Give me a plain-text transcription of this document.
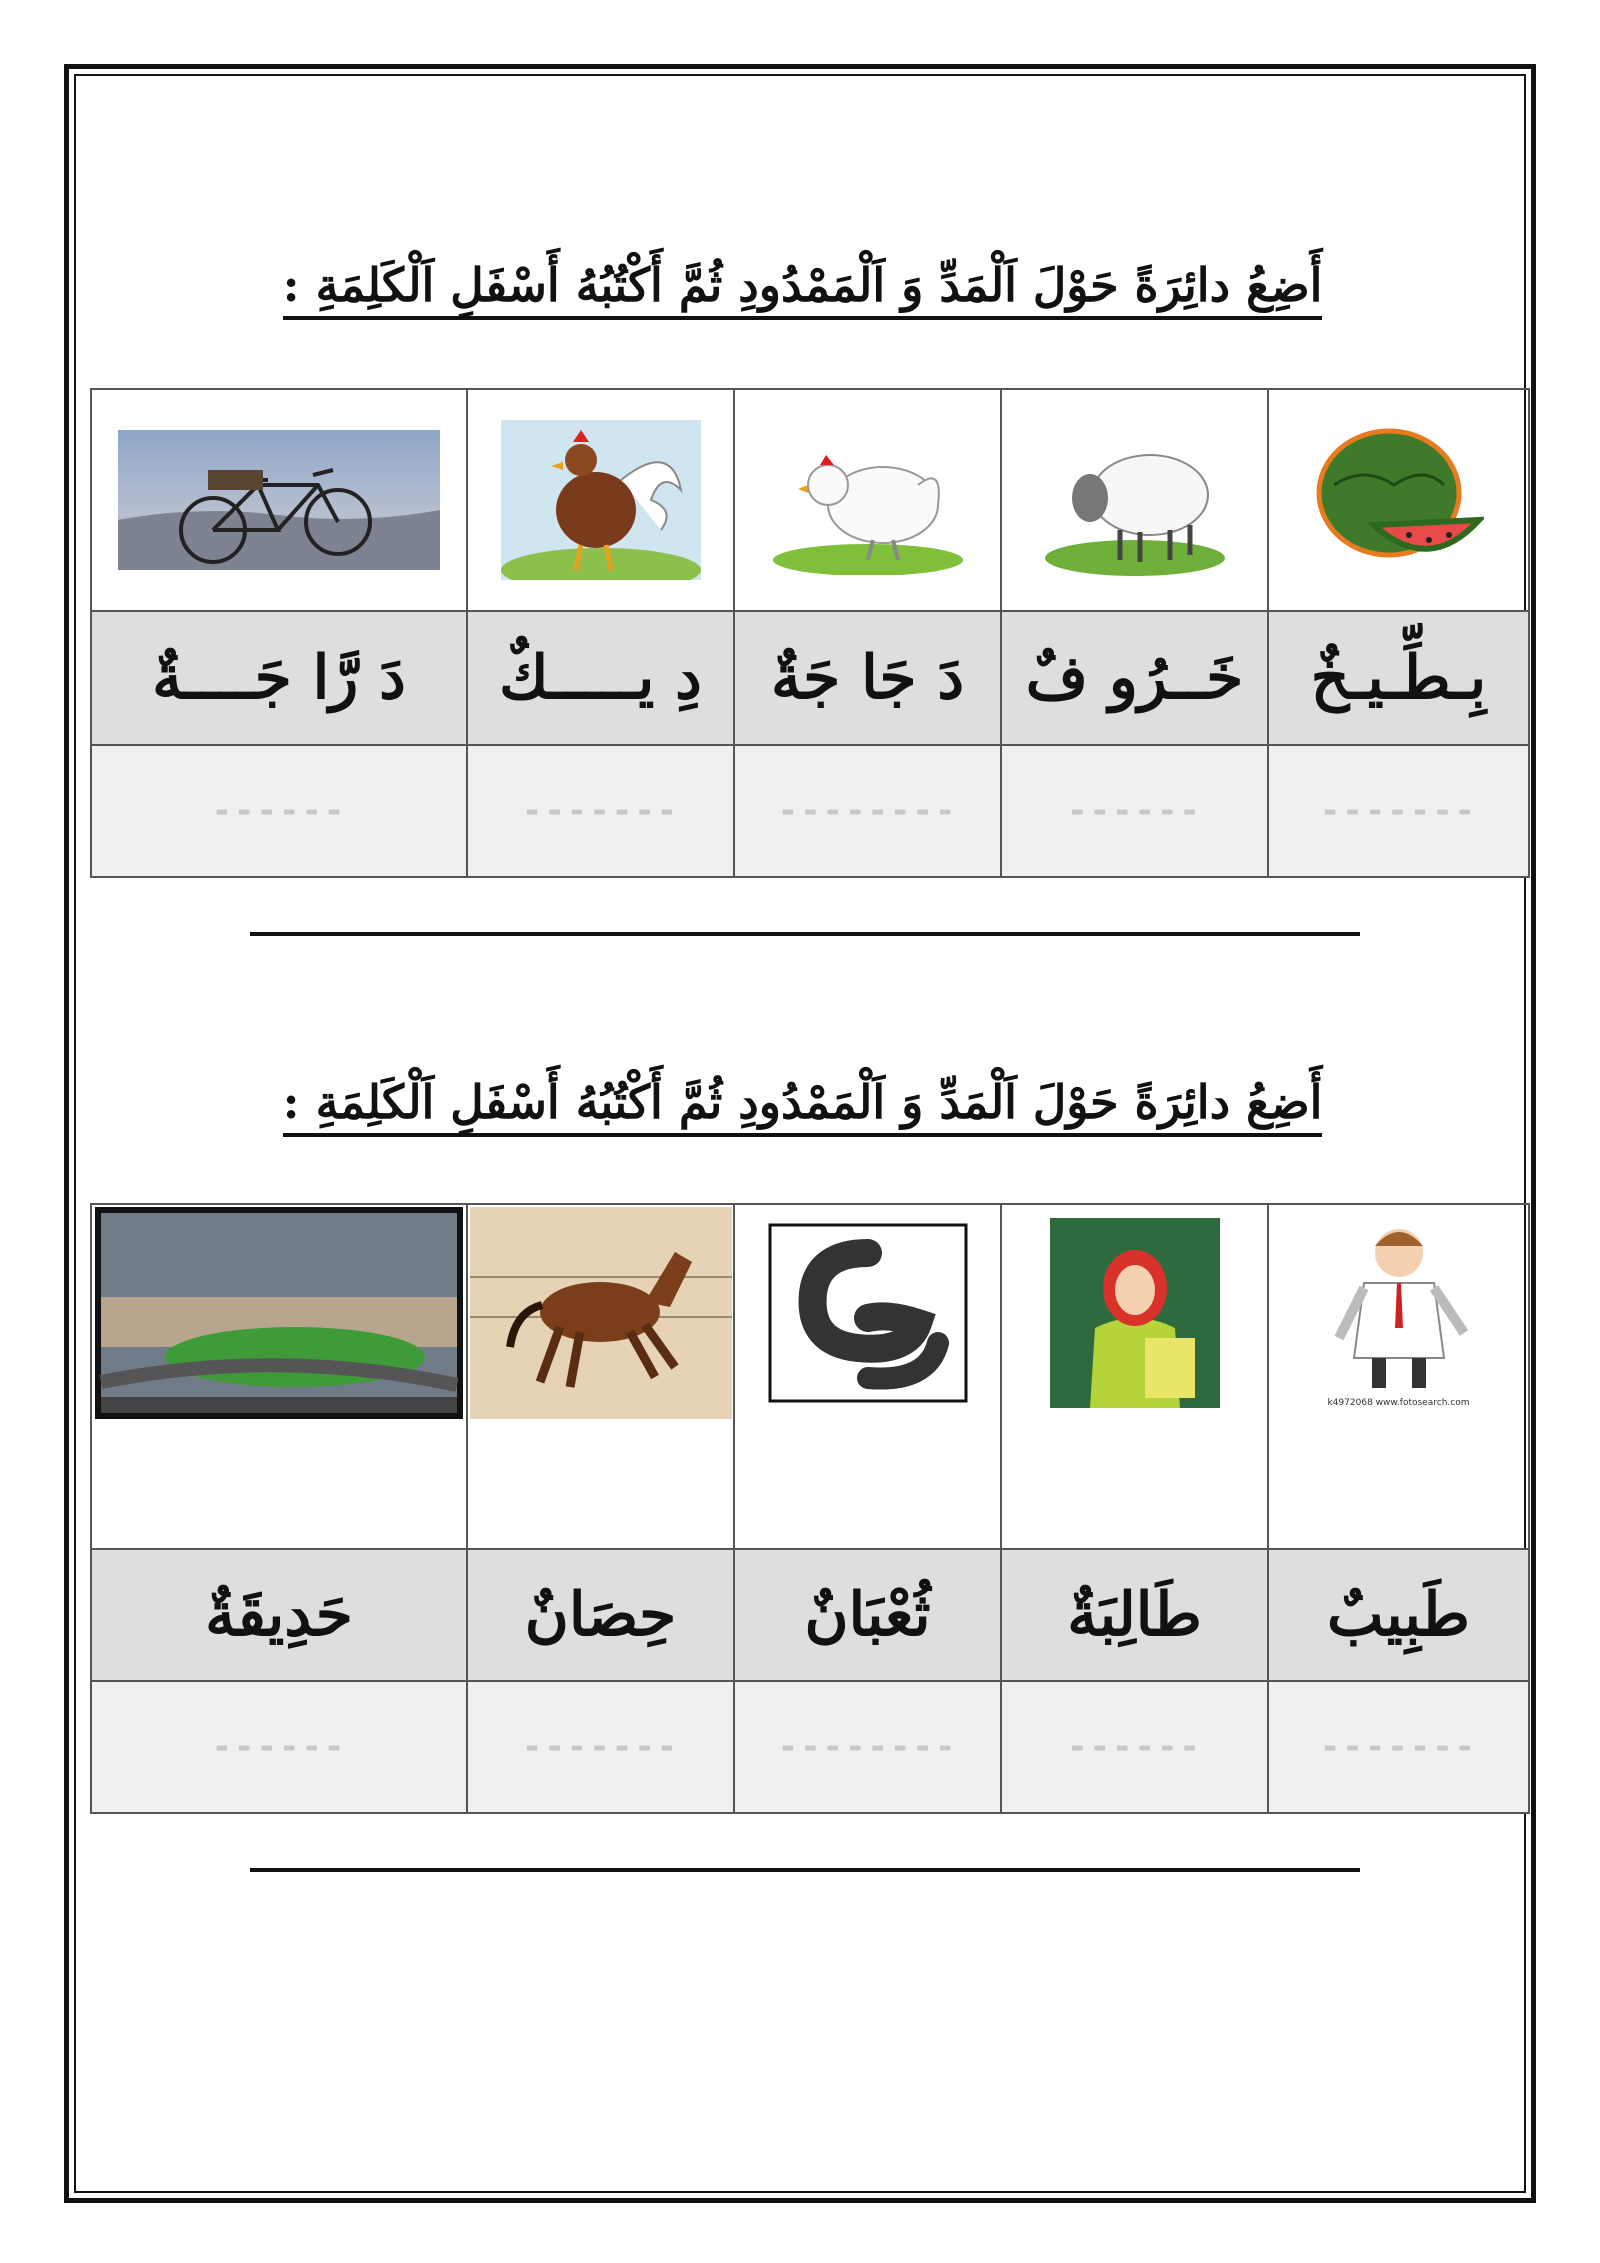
أَضِعُ دائِرَةً حَوْلَ اَلْمَدِّ وَ اَلْمَمْدُودِ ثُمَّ أَكْتُبُهُ أَسْفَلِ اَلْكَلِمَةِ :

دَ رَّا جَــــةٌ	دِ يـــــكٌ	دَ جَا جَةٌ	خَــرُو فٌ	بِـطِّـيـخٌ
------	-------	--------	------	-------
أَضِعُ دائِرَةً حَوْلَ اَلْمَدِّ وَ اَلْمَمْدُودِ ثُمَّ أَكْتُبُهُ أَسْفَلِ اَلْكَلِمَةِ :

k4972068 www.fotosearch.com

حَدِيقَةٌ	حِصَانٌ	ثُعْبَانٌ	طَالِبَةٌ	طَبِيبٌ
------	-------	--------	------	-------
